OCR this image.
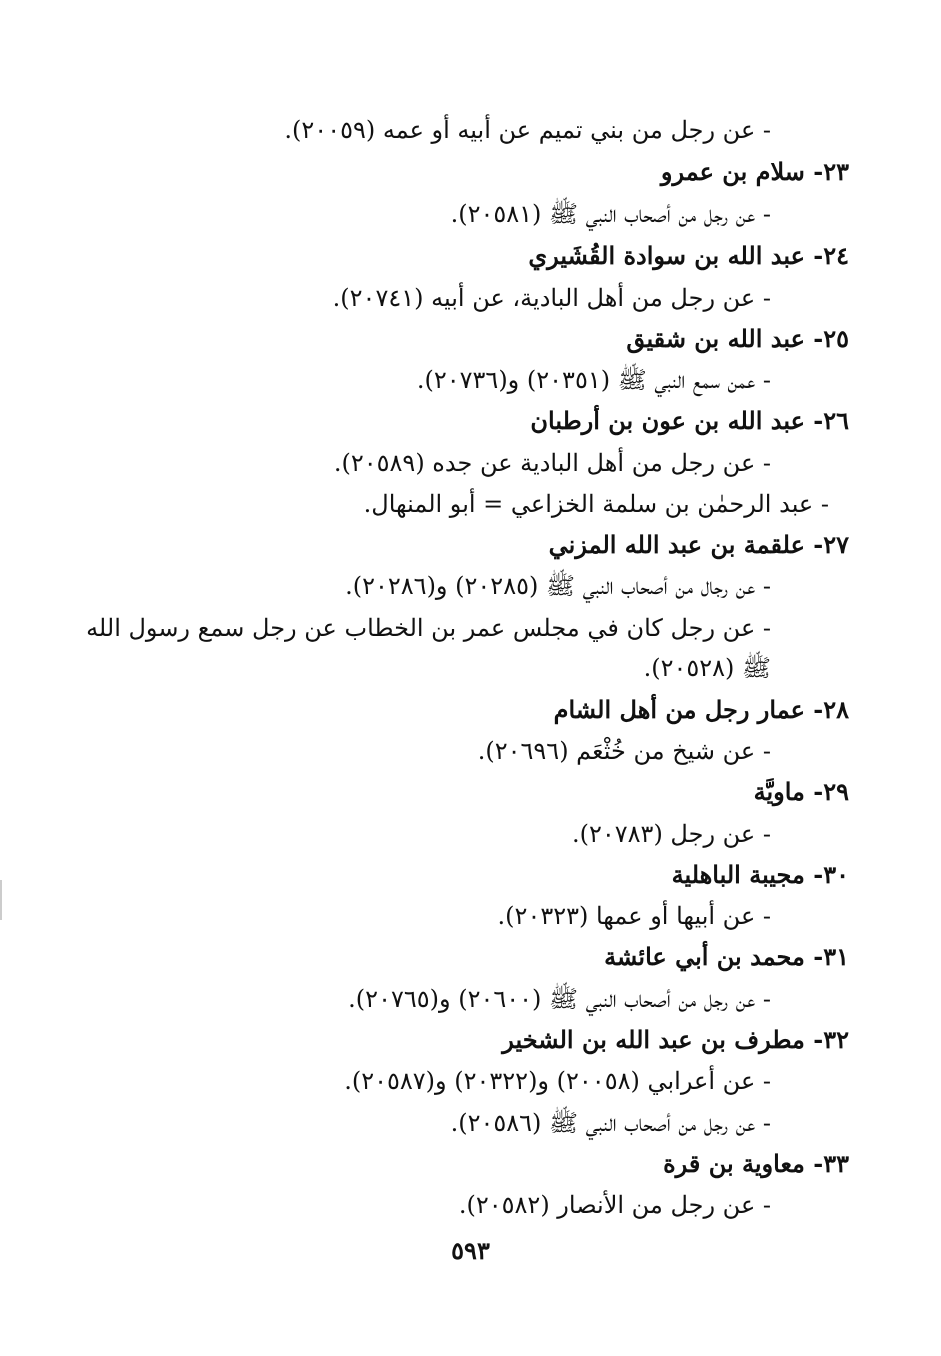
- عن رجل من بني تميم عن أبيه أو عمه (٢٠٠٥٩).
٢٣- سلام بن عمرو
- عن رجل من أصحاب النبي ﷺ (٢٠٥٨١).
٢٤- عبد الله بن سوادة القُشَيري
- عن رجل من أهل البادية، عن أبيه (٢٠٧٤١).
٢٥- عبد الله بن شقيق
- عمن سمع النبي ﷺ (٢٠٣٥١) و(٢٠٧٣٦).
٢٦- عبد الله بن عون بن أرطبان
- عن رجل من أهل البادية عن جده (٢٠٥٨٩).
- عبد الرحمٰن بن سلمة الخزاعي = أبو المنهال.
٢٧- علقمة بن عبد الله المزني
- عن رجال من أصحاب النبي ﷺ (٢٠٢٨٥) و(٢٠٢٨٦).
- عن رجل كان في مجلس عمر بن الخطاب عن رجل سمع رسول الله
ﷺ (٢٠٥٢٨).
٢٨- عمار رجل من أهل الشام
- عن شيخ من خُثْعَم (٢٠٦٩٦).
٢٩- ماويَّة
- عن رجل (٢٠٧٨٣).
٣٠- مجيبة الباهلية
- عن أبيها أو عمها (٢٠٣٢٣).
٣١- محمد بن أبي عائشة
- عن رجل من أصحاب النبي ﷺ (٢٠٦٠٠) و(٢٠٧٦٥).
٣٢- مطرف بن عبد الله بن الشخير
- عن أعرابي (٢٠٠٥٨) و(٢٠٣٢٢) و(٢٠٥٨٧).
- عن رجل من أصحاب النبي ﷺ (٢٠٥٨٦).
٣٣- معاوية بن قرة
- عن رجل من الأنصار (٢٠٥٨٢).
٥٩٣
